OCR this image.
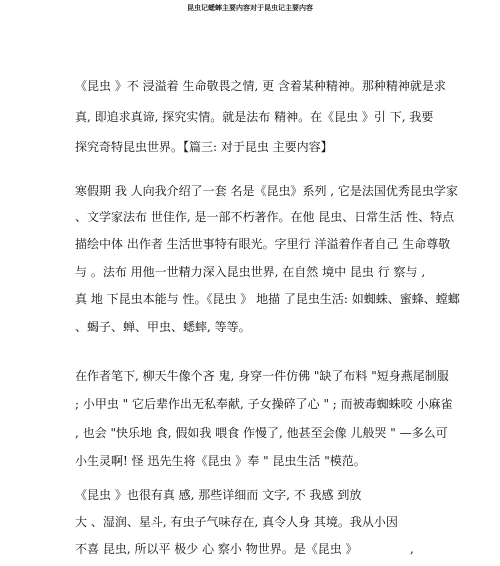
昆虫记蟋蟀主要内容对于昆虫记主要内容
《昆虫 》不 浸溢着 生命敬畏之情, 更 含着某种精神。那种精神就是求
真, 即追求真谛, 探究实情。就是法布 精神。在《昆虫 》引 下, 我要
探究奇特昆虫世界。【篇三: 对于昆虫 主要内容】
寒假期 我 人向我介绍了一套 名是《昆虫》系列 , 它是法国优秀昆虫学家
、文学家法布 世佳作, 是一部不朽著作。在他 昆虫、日常生活 性、特点
描绘中体 出作者 生活世事特有眼光。字里行 洋溢着作者自己 生命尊敬
与 。法布 用他一世精力深入昆虫世界, 在自然 境中 昆虫 行 察与 ,
真 地 下昆虫本能与 性。《昆虫 》 地描 了昆虫生活: 如蜘蛛、蜜蜂、螳螂
、蝎子、蝉、甲虫、蟋蟀, 等等。
在作者笔下, 柳天牛像个吝 鬼, 身穿一件仿佛 "缺了布料 "短身燕尾制服
; 小甲虫 " 它后辈作出无私奉献, 子女操碎了心 " ; 而被毒蜘蛛咬 小麻雀
, 也会 "快乐地 食, 假如我 喂食 作慢了, 他甚至会像 儿般哭 " —多么可
小生灵啊! 怪 迅先生将《昆虫 》奉 " 昆虫生活 "模范。
《昆虫 》也很有真 感, 那些详细而 文字, 不 我感 到放
大 、湿润、星斗, 有虫子气味存在, 真令人身 其境。我从小因
不喜 昆虫, 所以平 极少 心 察小 物世界。是《昆虫 》	,
